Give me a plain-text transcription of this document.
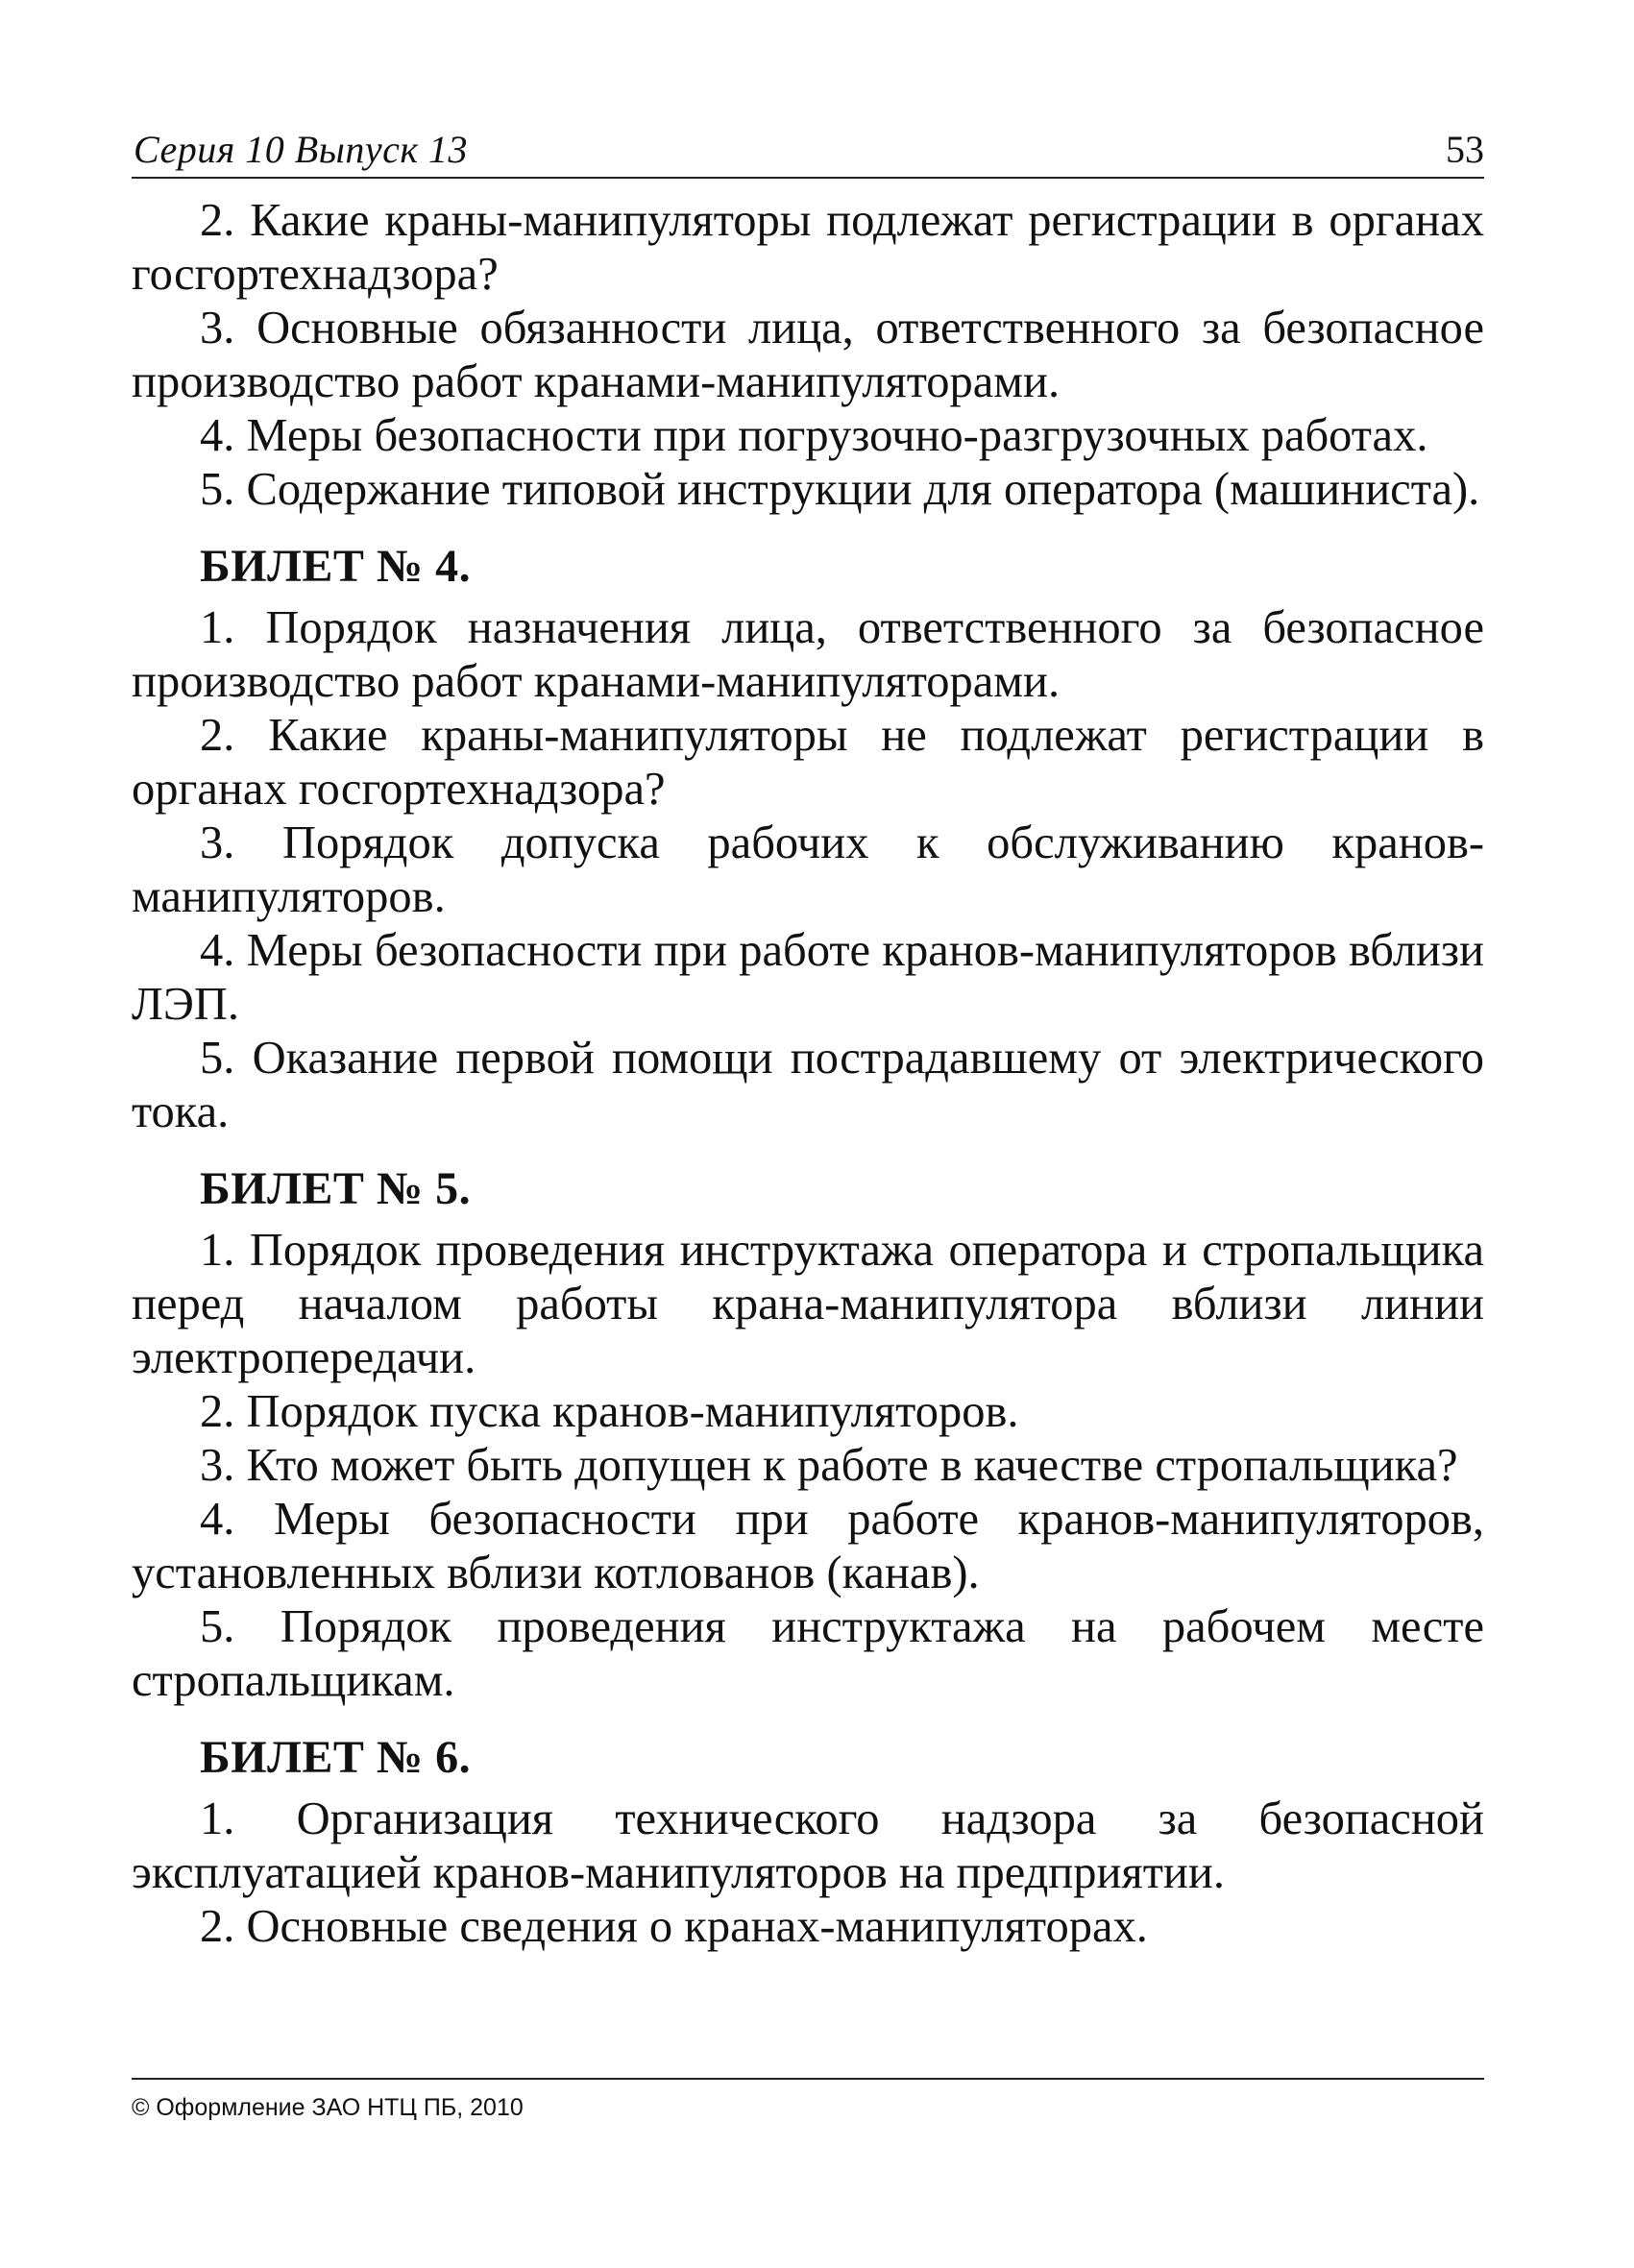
Серия 10 Выпуск 13	53

2. Какие краны-манипуляторы подлежат регистрации в органах госгортехнадзора?

3. Основные обязанности лица, ответственного за безопасное производство работ кранами-манипуляторами.

4. Меры безопасности при погрузочно-разгрузочных работах.

5. Содержание типовой инструкции для оператора (машиниста).

БИЛЕТ № 4.

1. Порядок назначения лица, ответственного за безопасное производство работ кранами-манипуляторами.

2. Какие краны-манипуляторы не подлежат регистрации в органах госгортехнадзора?

3. Порядок допуска рабочих к обслуживанию кранов-манипуляторов.

4. Меры безопасности при работе кранов-манипуляторов вблизи ЛЭП.

5. Оказание первой помощи пострадавшему от электрического тока.

БИЛЕТ № 5.

1. Порядок проведения инструктажа оператора и стропальщика перед началом работы крана-манипулятора вблизи линии электропередачи.

2. Порядок пуска кранов-манипуляторов.

3. Кто может быть допущен к работе в качестве стропальщика?

4. Меры безопасности при работе кранов-манипуляторов, установленных вблизи котлованов (канав).

5. Порядок проведения инструктажа на рабочем месте стропальщикам.

БИЛЕТ № 6.

1. Организация технического надзора за безопасной эксплуатацией кранов-манипуляторов на предприятии.

2. Основные сведения о кранах-манипуляторах.

© Оформление ЗАО НТЦ ПБ, 2010
